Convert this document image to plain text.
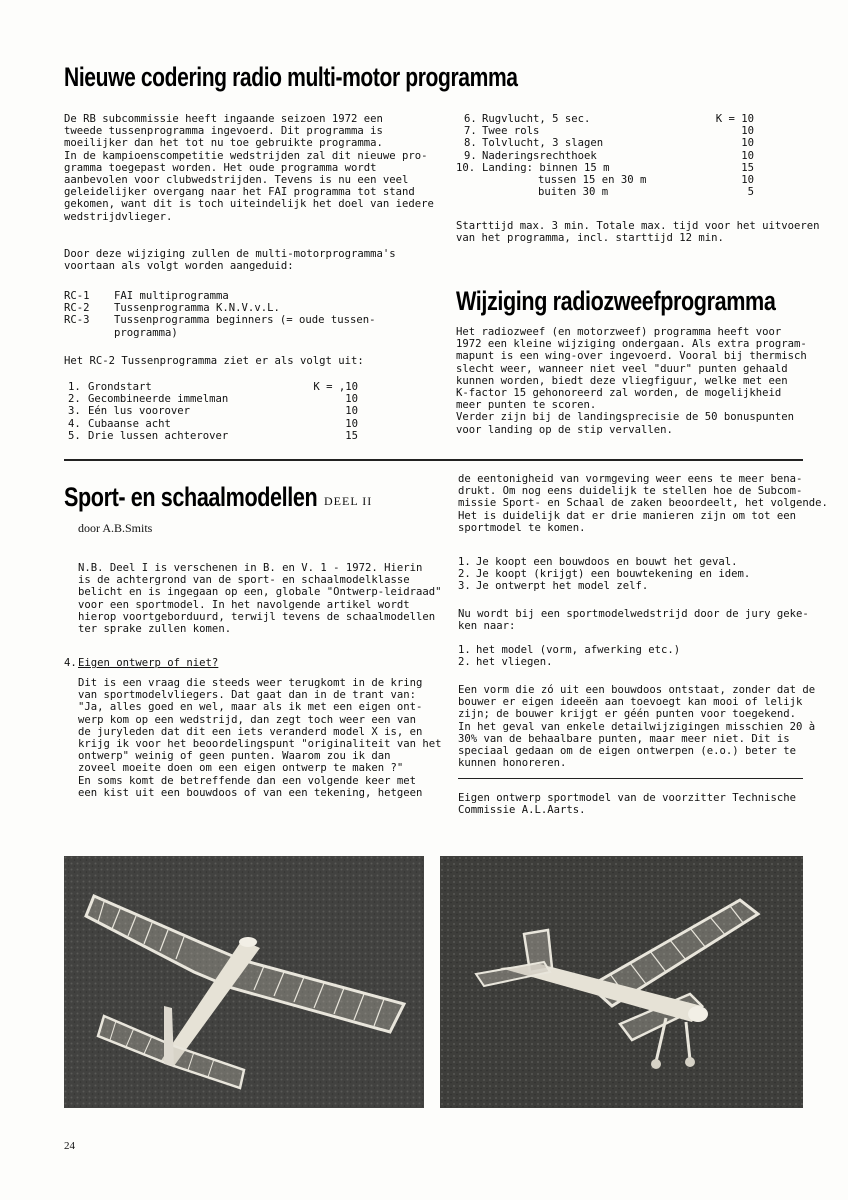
Nieuwe codering radio multi-motor programma
De RB subcommissie heeft ingaande seizoen 1972 een
tweede tussenprogramma ingevoerd. Dit programma is
moeilijker dan het tot nu toe gebruikte programma.
In de kampioenscompetitie wedstrijden zal dit nieuwe pro-
gramma toegepast worden. Het oude programma wordt
aanbevolen voor clubwedstrijden. Tevens is nu een veel
geleidelijker overgang naar het FAI programma tot stand
gekomen, want dit is toch uiteindelijk het doel van iedere
wedstrijdvlieger.
Door deze wijziging zullen de multi-motorprogramma's
voortaan als volgt worden aangeduid:
RC-1 FAI multiprogramma
RC-2 Tussenprogramma K.N.V.v.L.
RC-3 Tussenprogramma beginners (= oude tussen-
programma)
Het RC-2 Tussenprogramma ziet er als volgt uit:
1. Grondstart	K = ,10
2. Gecombineerde immelman	10
3. Eén lus voorover	10
4. Cubaanse acht	10
5. Drie lussen achterover	15
6. Rugvlucht, 5 sec.	K = 10
7. Twee rols	10
8. Tolvlucht, 3 slagen	10
9. Naderingsrechthoek	10
10. Landing: binnen 15 m	15
tussen 15 en 30 m	10
buiten 30 m	5
Starttijd max. 3 min. Totale max. tijd voor het uitvoeren
van het programma, incl. starttijd 12 min.
Wijziging radiozweefprogramma
Het radiozweef (en motorzweef) programma heeft voor
1972 een kleine wijziging ondergaan. Als extra program-
mapunt is een wing-over ingevoerd. Vooral bij thermisch
slecht weer, wanneer niet veel "duur" punten gehaald
kunnen worden, biedt deze vliegfiguur, welke met een
K-factor 15 gehonoreerd zal worden, de mogelijkheid
meer punten te scoren.
Verder zijn bij de landingsprecisie de 50 bonuspunten
voor landing op de stip vervallen.
Sport- en schaalmodellen DEEL II
door A.B.Smits
N.B. Deel I is verschenen in B. en V. 1 - 1972. Hierin
is de achtergrond van de sport- en schaalmodelklasse
belicht en is ingegaan op een, globale "Ontwerp-leidraad"
voor een sportmodel. In het navolgende artikel wordt
hierop voortgeborduurd, terwijl tevens de schaalmodellen
ter sprake zullen komen.
4. Eigen ontwerp of niet?
Dit is een vraag die steeds weer terugkomt in de kring
van sportmodelvliegers. Dat gaat dan in de trant van:
"Ja, alles goed en wel, maar als ik met een eigen ont-
werp kom op een wedstrijd, dan zegt toch weer een van
de juryleden dat dit een iets veranderd model X is, en
krijg ik voor het beoordelingspunt "originaliteit van het
ontwerp" weinig of geen punten. Waarom zou ik dan
zoveel moeite doen om een eigen ontwerp te maken ?"
En soms komt de betreffende dan een volgende keer met
een kist uit een bouwdoos of van een tekening, hetgeen
de eentonigheid van vormgeving weer eens te meer bena-
drukt. Om nog eens duidelijk te stellen hoe de Subcom-
missie Sport- en Schaal de zaken beoordeelt, het volgende.
Het is duidelijk dat er drie manieren zijn om tot een
sportmodel te komen.
1. Je koopt een bouwdoos en bouwt het geval.
2. Je koopt (krijgt) een bouwtekening en idem.
3. Je ontwerpt het model zelf.
Nu wordt bij een sportmodelwedstrijd door de jury geke-
ken naar:
1. het model (vorm, afwerking etc.)
2. het vliegen.
Een vorm die zó uit een bouwdoos ontstaat, zonder dat de
bouwer er eigen ideeën aan toevoegt kan mooi of lelijk
zijn; de bouwer krijgt er géén punten voor toegekend.
In het geval van enkele detailwijzigingen misschien 20 à
30% van de behaalbare punten, maar meer niet. Dit is
speciaal gedaan om de eigen ontwerpen (e.o.) beter te
kunnen honoreren.
Eigen ontwerp sportmodel van de voorzitter Technische
Commissie A.L.Aarts.
24
